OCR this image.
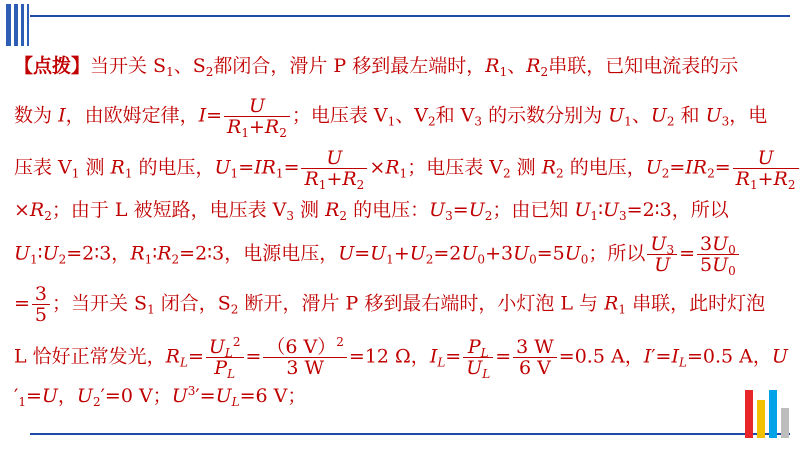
【点拨】当开关 $S_1$、$S_2$都闭合，滑片 P 移到最左端时，$R_1$、$R_2$串联，已知电流表的示
数为 I，由欧姆定律，$I= \frac{U}{R_1+R_2}$ ；电压表 $V_1$、$V_2$和 $V_3$ 的示数分别为 $U_1$、$U_2$ 和 $U_3$，电
压表 $V_1$ 测 $R_1$ 的电压，$U_1=IR_1= \frac{U}{R_1+R_2} \times R_1$；电压表 $V_2$ 测 $R_2$ 的电压，$U_2=IR_2= \frac{U}{R_1+R_2}$
$\times R_2$；由于 L 被短路，电压表 $V_3$ 测 $R_2$ 的电压：$U_3=U_2$；由已知 $U_1∶U_3=2∶3$，所以
$U_1∶U_2=2∶3$，$R_1∶R_2=2∶3$，电源电压，$U=U_1+U_2=2U_0+3U_0=5U_0$；所以 $\frac{U_3}{U} = \frac{3U_0}{5U_0}$
= $\frac{3}{5}$ ；当开关 $S_1$ 闭合，$S_2$ 断开，滑片 P 移到最右端时，小灯泡 L 与 $R_1$ 串联，此时灯泡
L 恰好正常发光，$R_L= \frac{U_L^2}{P_L} = \frac{(6 V)^2}{3 W} =12$ Ω，$I_L= \frac{P_L}{U_L} = \frac{3 W}{6 V} =0.5$ A，$I'=I_L=0.5$ A，U
$'_1=U$，$U_2'=0$ V；$U^3'=U_L=6$ V；
